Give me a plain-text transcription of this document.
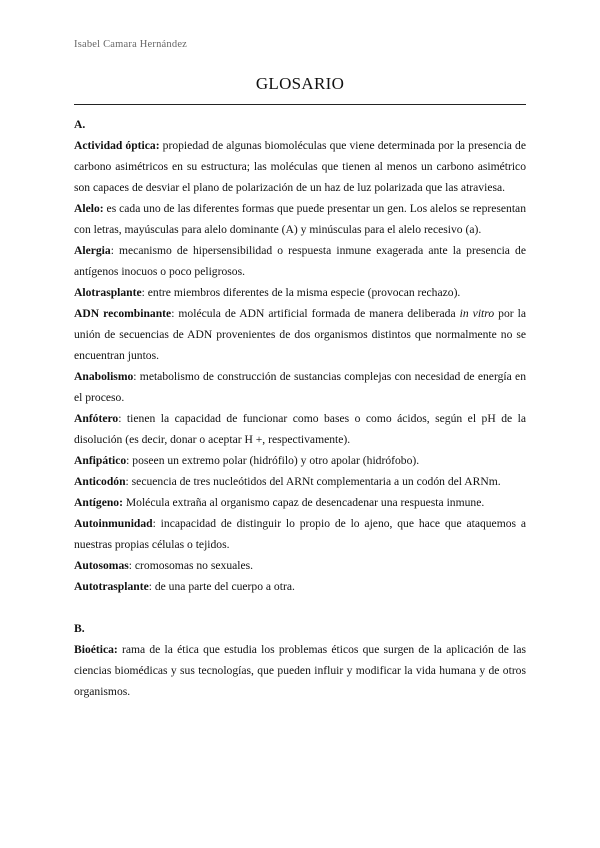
Isabel Camara Hernández
GLOSARIO

A.

Actividad óptica: propiedad de algunas biomoléculas que viene determinada por la presencia de carbono asimétricos en su estructura; las moléculas que tienen al menos un carbono asimétrico son capaces de desviar el plano de polarización de un haz de luz polarizada que las atraviesa.

Alelo: es cada uno de las diferentes formas que puede presentar un gen. Los alelos se representan con letras, mayúsculas para alelo dominante (A) y minúsculas para el alelo recesivo (a).

Alergia: mecanismo de hipersensibilidad o respuesta inmune exagerada ante la presencia de antígenos inocuos o poco peligrosos.

Alotrasplante: entre miembros diferentes de la misma especie (provocan rechazo).

ADN recombinante: molécula de ADN artificial formada de manera deliberada in vitro por la unión de secuencias de ADN provenientes de dos organismos distintos que normalmente no se encuentran juntos.

Anabolismo: metabolismo de construcción de sustancias complejas con necesidad de energía en el proceso.

Anfótero: tienen la capacidad de funcionar como bases o como ácidos, según el pH de la disolución (es decir, donar o aceptar H +, respectivamente).

Anfipático: poseen un extremo polar (hidrófilo) y otro apolar (hidrófobo).

Anticodón: secuencia de tres nucleótidos del ARNt complementaria a un codón del ARNm.

Antígeno: Molécula extraña al organismo capaz de desencadenar una respuesta inmune.

Autoinmunidad: incapacidad de distinguir lo propio de lo ajeno, que hace que ataquemos a nuestras propias células o tejidos.

Autosomas: cromosomas no sexuales.

Autotrasplante: de una parte del cuerpo a otra.

B.

Bioética: rama de la ética que estudia los problemas éticos que surgen de la aplicación de las ciencias biomédicas y sus tecnologías, que pueden influir y modificar la vida humana y de otros organismos.
